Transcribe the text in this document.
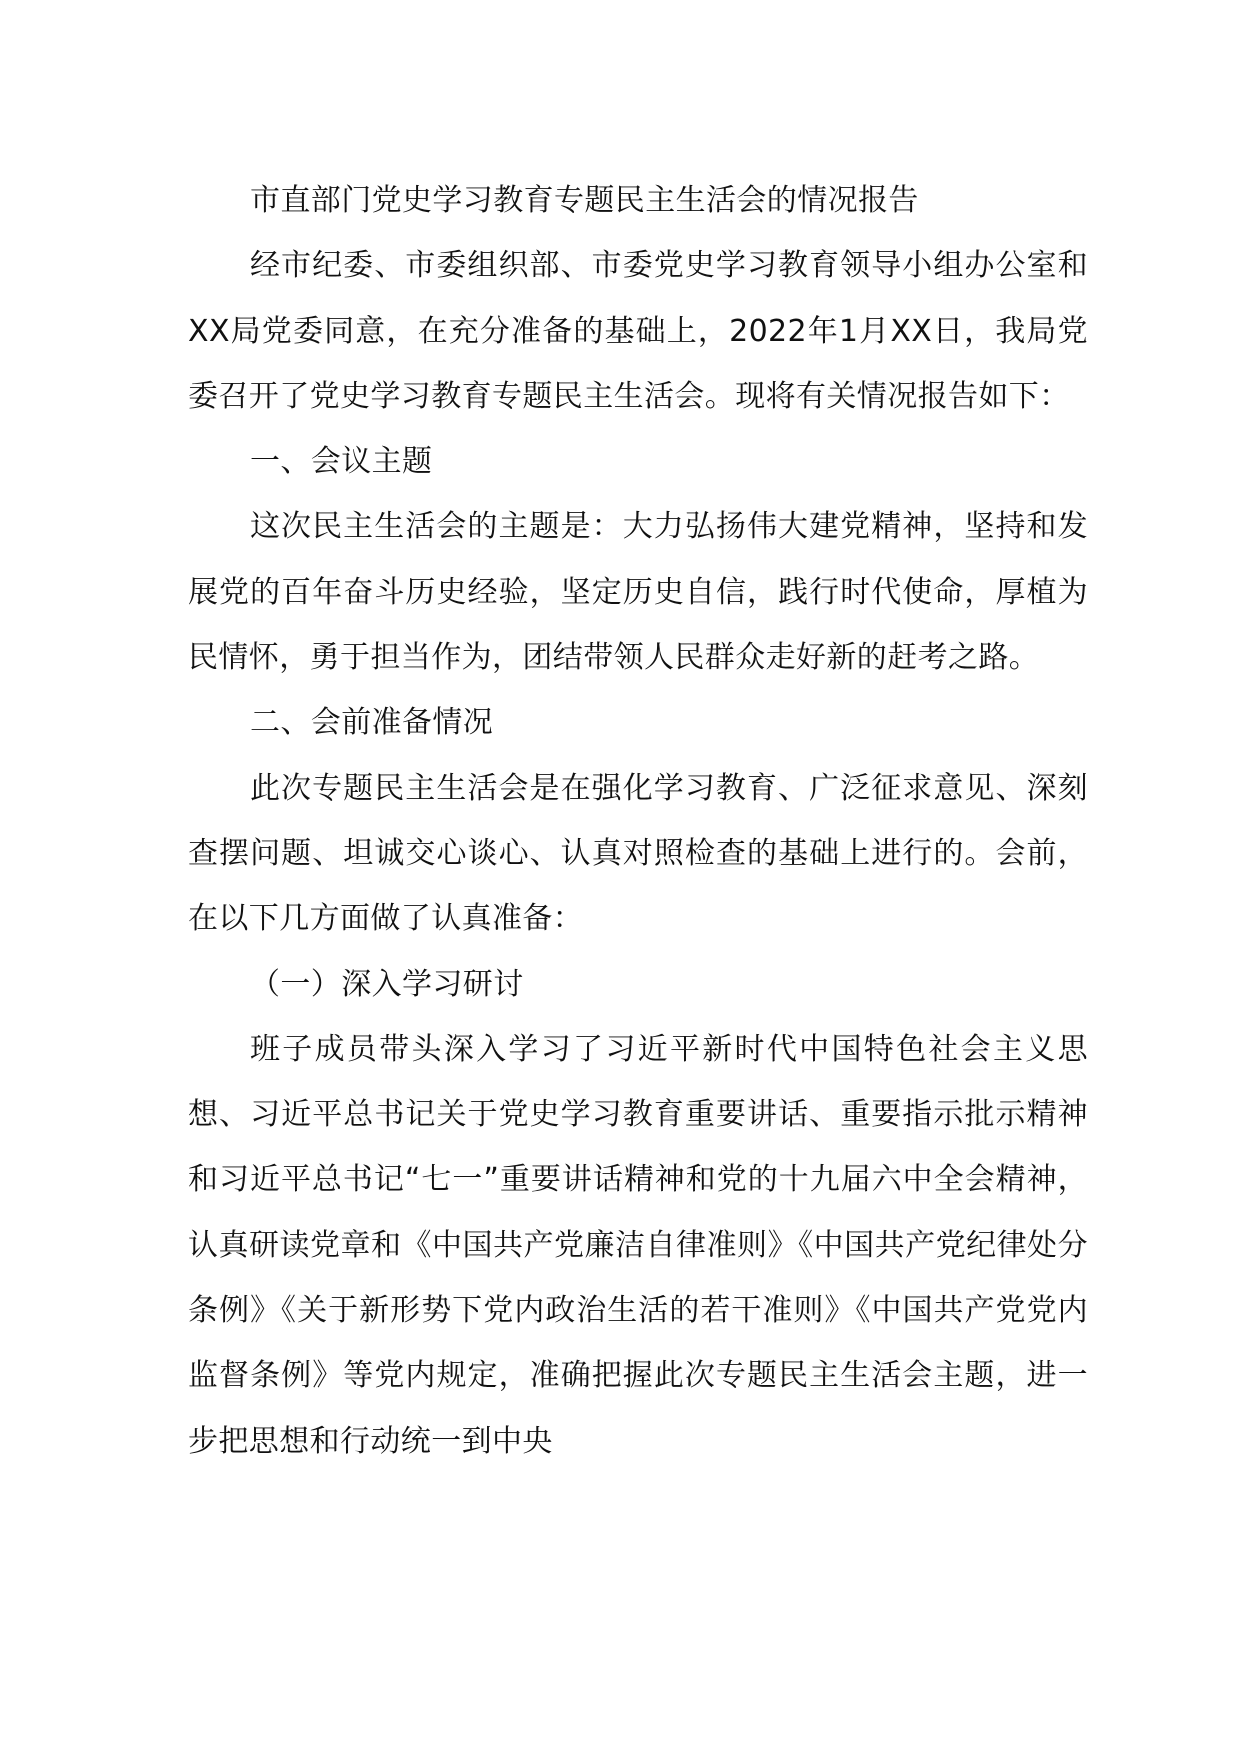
市直部门党史学习教育专题民主生活会的情况报告

经市纪委、市委组织部、市委党史学习教育领导小组办公室和XX局党委同意，在充分准备的基础上，2022年1月XX日，我局党委召开了党史学习教育专题民主生活会。现将有关情况报告如下：

一、会议主题

这次民主生活会的主题是：大力弘扬伟大建党精神，坚持和发展党的百年奋斗历史经验，坚定历史自信，践行时代使命，厚植为民情怀，勇于担当作为，团结带领人民群众走好新的赶考之路。

二、会前准备情况

此次专题民主生活会是在强化学习教育、广泛征求意见、深刻查摆问题、坦诚交心谈心、认真对照检查的基础上进行的。会前，在以下几方面做了认真准备：

（一）深入学习研讨

班子成员带头深入学习了习近平新时代中国特色社会主义思想、习近平总书记关于党史学习教育重要讲话、重要指示批示精神和习近平总书记“七一”重要讲话精神和党的十九届六中全会精神，认真研读党章和《中国共产党廉洁自律准则》《中国共产党纪律处分条例》《关于新形势下党内政治生活的若干准则》《中国共产党党内监督条例》等党内规定，准确把握此次专题民主生活会主题，进一步把思想和行动统一到中央
